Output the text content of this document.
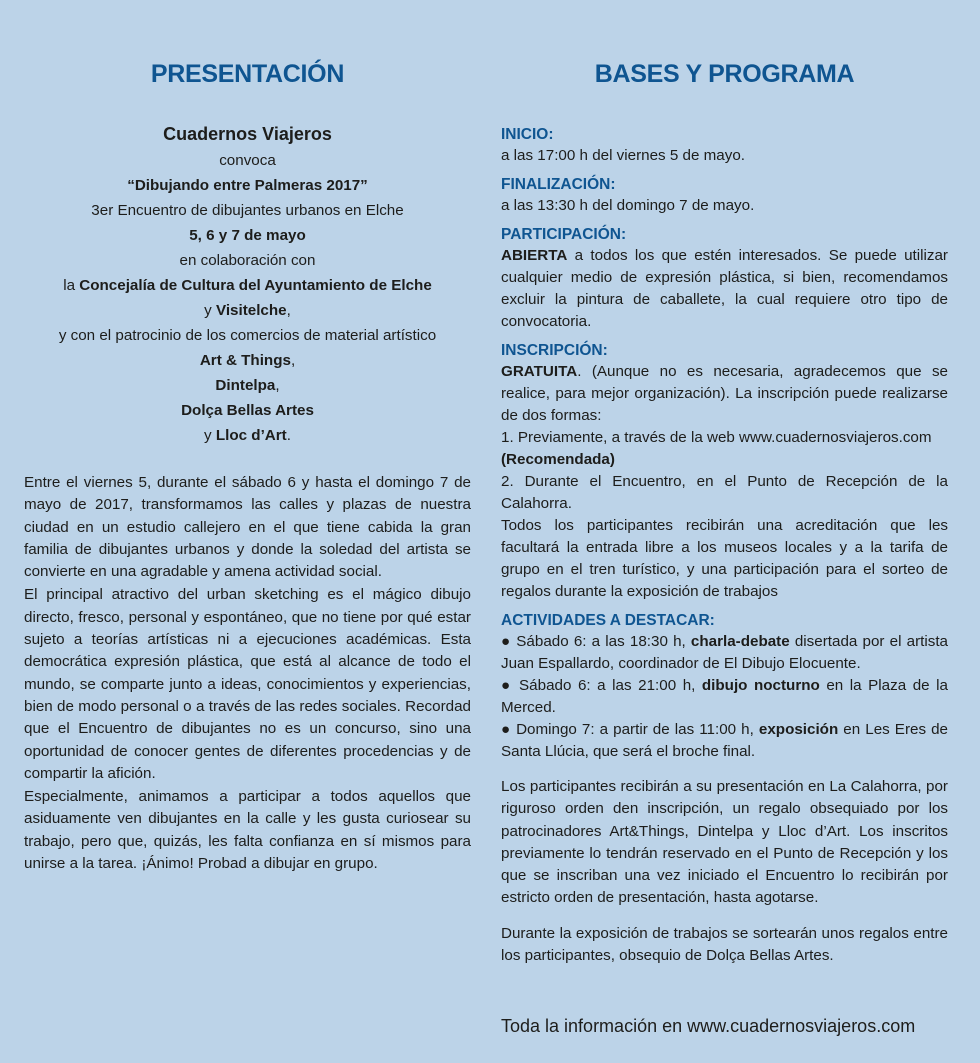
PRESENTACIÓN
Cuadernos Viajeros
convoca
“Dibujando entre Palmeras 2017”
3er Encuentro de dibujantes urbanos en Elche
5, 6 y 7 de mayo
en colaboración con
la Concejalía de Cultura del Ayuntamiento de Elche
y Visitelche,
y con el patrocinio de los comercios de material artístico
Art & Things,
Dintelpa,
Dolça Bellas Artes
y Lloc d’Art.

Entre el viernes 5, durante el sábado 6 y hasta el domingo 7 de mayo de 2017, transformamos las calles y plazas de nuestra ciudad en un estudio callejero en el que tiene cabida la gran familia de dibujantes urbanos y donde la soledad del artista se convierte en una agradable y amena actividad social.

El principal atractivo del urban sketching es el mágico dibujo directo, fresco, personal y espontáneo, que no tiene por qué estar sujeto a teorías artísticas ni a ejecuciones académicas. Esta democrática expresión plástica, que está al alcance de todo el mundo, se comparte junto a ideas, conocimientos y experiencias, bien de modo personal o a través de las redes sociales. Recordad que el Encuentro de dibujantes no es un concurso, sino una oportunidad de conocer gentes de diferentes procedencias y de compartir la afición.

Especialmente, animamos a participar a todos aquellos que asiduamente ven dibujantes en la calle y les gusta curiosear su trabajo, pero que, quizás, les falta confianza en sí mismos para unirse a la tarea. ¡Ánimo! Probad a dibujar en grupo.

BASES Y PROGRAMA
INICIO:

a las 17:00 h del viernes 5 de mayo.

FINALIZACIÓN:

a las 13:30 h del domingo 7 de mayo.

PARTICIPACIÓN:

ABIERTA a todos los que estén interesados. Se puede utilizar cualquier medio de expresión plástica, si bien, recomendamos excluir la pintura de caballete, la cual requiere otro tipo de convocatoria.

INSCRIPCIÓN:

GRATUITA. (Aunque no es necesaria, agradecemos que se realice, para mejor organización). La inscripción puede realizarse de dos formas:

1. Previamente, a través de la web www.cuadernosviajeros.com

(Recomendada)

2. Durante el Encuentro, en el Punto de Recepción de la Calahorra.

Todos los participantes recibirán una acreditación que les facultará la entrada libre a los museos locales y a la tarifa de grupo en el tren turístico, y una participación para el sorteo de regalos durante la exposición de trabajos

ACTIVIDADES A DESTACAR:

● Sábado 6: a las 18:30 h, charla-debate disertada por el artista Juan Espallardo, coordinador de El Dibujo Elocuente.

● Sábado 6: a las 21:00 h, dibujo nocturno en la Plaza de la Merced.

● Domingo 7: a partir de las 11:00 h, exposición en Les Eres de Santa Llúcia, que será el broche final.

Los participantes recibirán a su presentación en La Calahorra, por riguroso orden den inscripción, un regalo obsequiado por los patrocinadores Art&Things, Dintelpa y Lloc d’Art. Los inscritos previamente lo tendrán reservado en el Punto de Recepción y los que se inscriban una vez iniciado el Encuentro lo recibirán por estricto orden de presentación, hasta agotarse.

Durante la exposición de trabajos se sortearán unos regalos entre los participantes, obsequio de Dolça Bellas Artes.

Toda la información en www.cuadernosviajeros.com
